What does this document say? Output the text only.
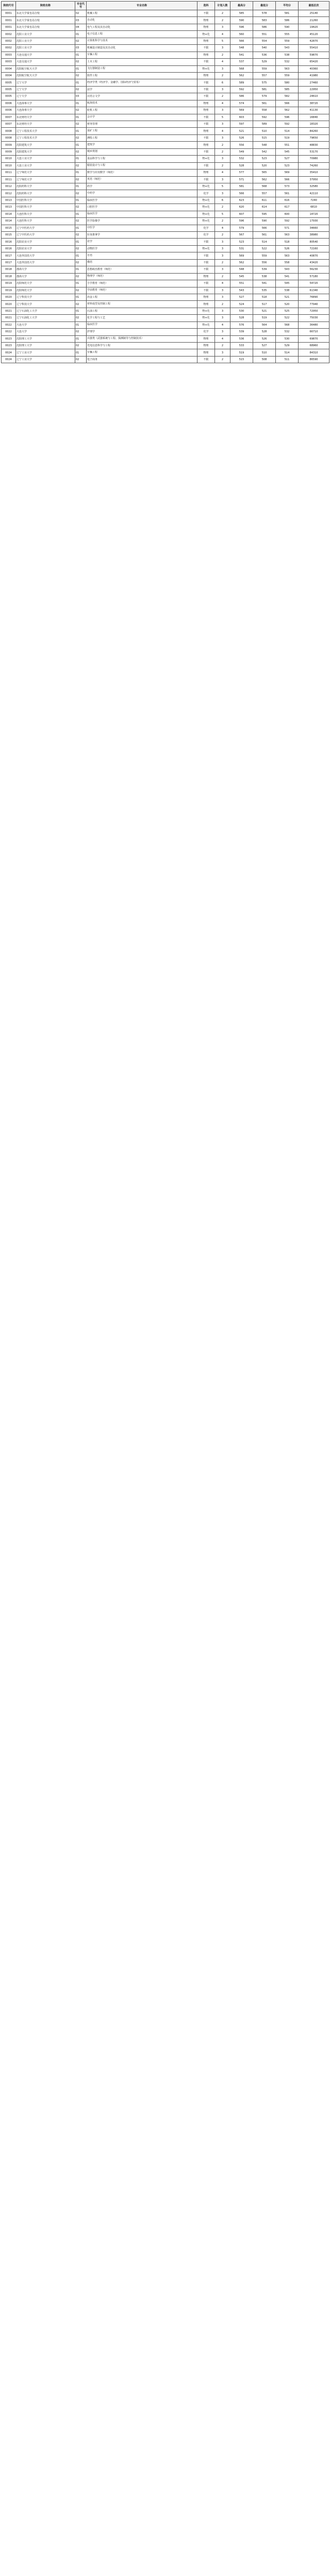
院校代号	院校名称	专业代号	专业名称	选科	计划人数	最高分	最低分	平均分	最低位次
0001	东北大学秦皇岛分校	02	机械工程	不限	2	585	578	581	25140
0001	东北大学秦皇岛分校	03	自动化	物理	2	590	583	586	21260
0001	东北大学秦皇岛分校	04	电气工程及其自动化	物理	3	596	586	590	19420
0002	沈阳工业大学	01	电子信息工程	物+化	4	560	551	555	45120
0002	沈阳工业大学	02	计算机科学与技术	物理	5	566	554	559	42870
0002	沈阳工业大学	03	机械设计制造及其自动化	不限	3	548	540	543	55410
0003	大连交通大学	01	车辆工程	物理	2	541	536	538	59870
0003	大连交通大学	02	土木工程	不限	4	537	529	532	65420
0004	沈阳航空航天大学	01	飞行器制造工程	物+化	3	568	559	563	40360
0004	沈阳航空航天大学	02	软件工程	物理	2	562	557	559	41980
0005	辽宁大学	01	经济学类（经济学、金融学、国际经济与贸易）	不限	6	589	575	580	27460
0005	辽宁大学	02	法学	不限	3	592	581	585	22950
0005	辽宁大学	03	汉语言文学	不限	2	586	579	582	24610
0006	大连海事大学	01	航海技术	物理	4	574	561	566	38720
0006	大连海事大学	02	轮机工程	物理	3	569	558	562	41130
0007	东北财经大学	01	会计学	不限	5	603	592	596	16840
0007	东北财经大学	02	财务管理	不限	3	597	589	592	18320
0008	辽宁工程技术大学	01	采矿工程	物理	4	521	510	514	84260
0008	辽宁工程技术大学	02	测绘工程	不限	3	526	515	519	79650
0009	沈阳建筑大学	01	建筑学	物理	2	556	548	551	48830
0009	沈阳建筑大学	02	城乡规划	不限	2	549	542	545	53170
0010	大连工业大学	01	食品科学与工程	物+化	3	532	523	527	70980
0010	大连工业大学	02	服装设计与工程	不限	2	528	520	523	74260
0011	辽宁师范大学	01	数学与应用数学（师范）	物理	4	577	565	569	35410
0011	辽宁师范大学	02	英语（师范）	不限	3	571	562	566	37950
0012	沈阳药科大学	01	药学	物+化	5	581	568	573	32580
0012	沈阳药科大学	02	中药学	化学	3	566	557	561	42110
0013	中国医科大学	01	临床医学	物+化	6	623	611	616	7240
0013	中国医科大学	02	口腔医学	物+化	2	620	614	617	6810
0014	大连医科大学	01	临床医学	物+化	5	607	595	600	14720
0014	大连医科大学	02	医学影像学	物+化	2	596	590	592	17930
0015	辽宁中医药大学	01	中医学	化学	4	579	566	571	34660
0015	辽宁中医药大学	02	针灸推拿学	化学	2	567	561	563	38980
0016	沈阳农业大学	01	农学	不限	3	523	514	518	80540
0016	沈阳农业大学	02	动物医学	物+化	3	531	522	526	72160
0017	大连外国语大学	01	日语	不限	3	569	559	563	40870
0017	大连外国语大学	02	俄语	不限	2	562	556	558	43420
0018	渤海大学	01	思想政治教育（师范）	不限	3	548	539	543	56230
0018	渤海大学	02	物理学（师范）	物理	2	545	538	541	57180
0019	沈阳师范大学	01	小学教育（师范）	不限	4	551	541	545	54720
0019	沈阳师范大学	02	学前教育（师范）	不限	3	543	535	538	61340
0020	辽宁科技大学	01	冶金工程	物理	3	527	518	521	76890
0020	辽宁科技大学	02	材料成型及控制工程	物理	2	524	517	520	77940
0021	辽宁石油化工大学	01	石油工程	物+化	3	530	521	525	72950
0021	辽宁石油化工大学	02	化学工程与工艺	物+化	3	528	519	522	75030
0022	大连大学	01	临床医学	物+化	4	576	564	568	36480
0022	大连大学	02	护理学	化学	3	539	528	532	66710
0023	沈阳理工大学	01	兵器类（武器系统与工程、探测制导与控制技术）	物理	4	536	526	530	69870
0023	沈阳理工大学	02	光电信息科学与工程	物理	2	533	527	529	68960
0024	辽宁工业大学	01	车辆工程	物理	3	519	510	514	84310
0024	辽宁工业大学	02	电子商务	不限	2	515	508	511	86590
